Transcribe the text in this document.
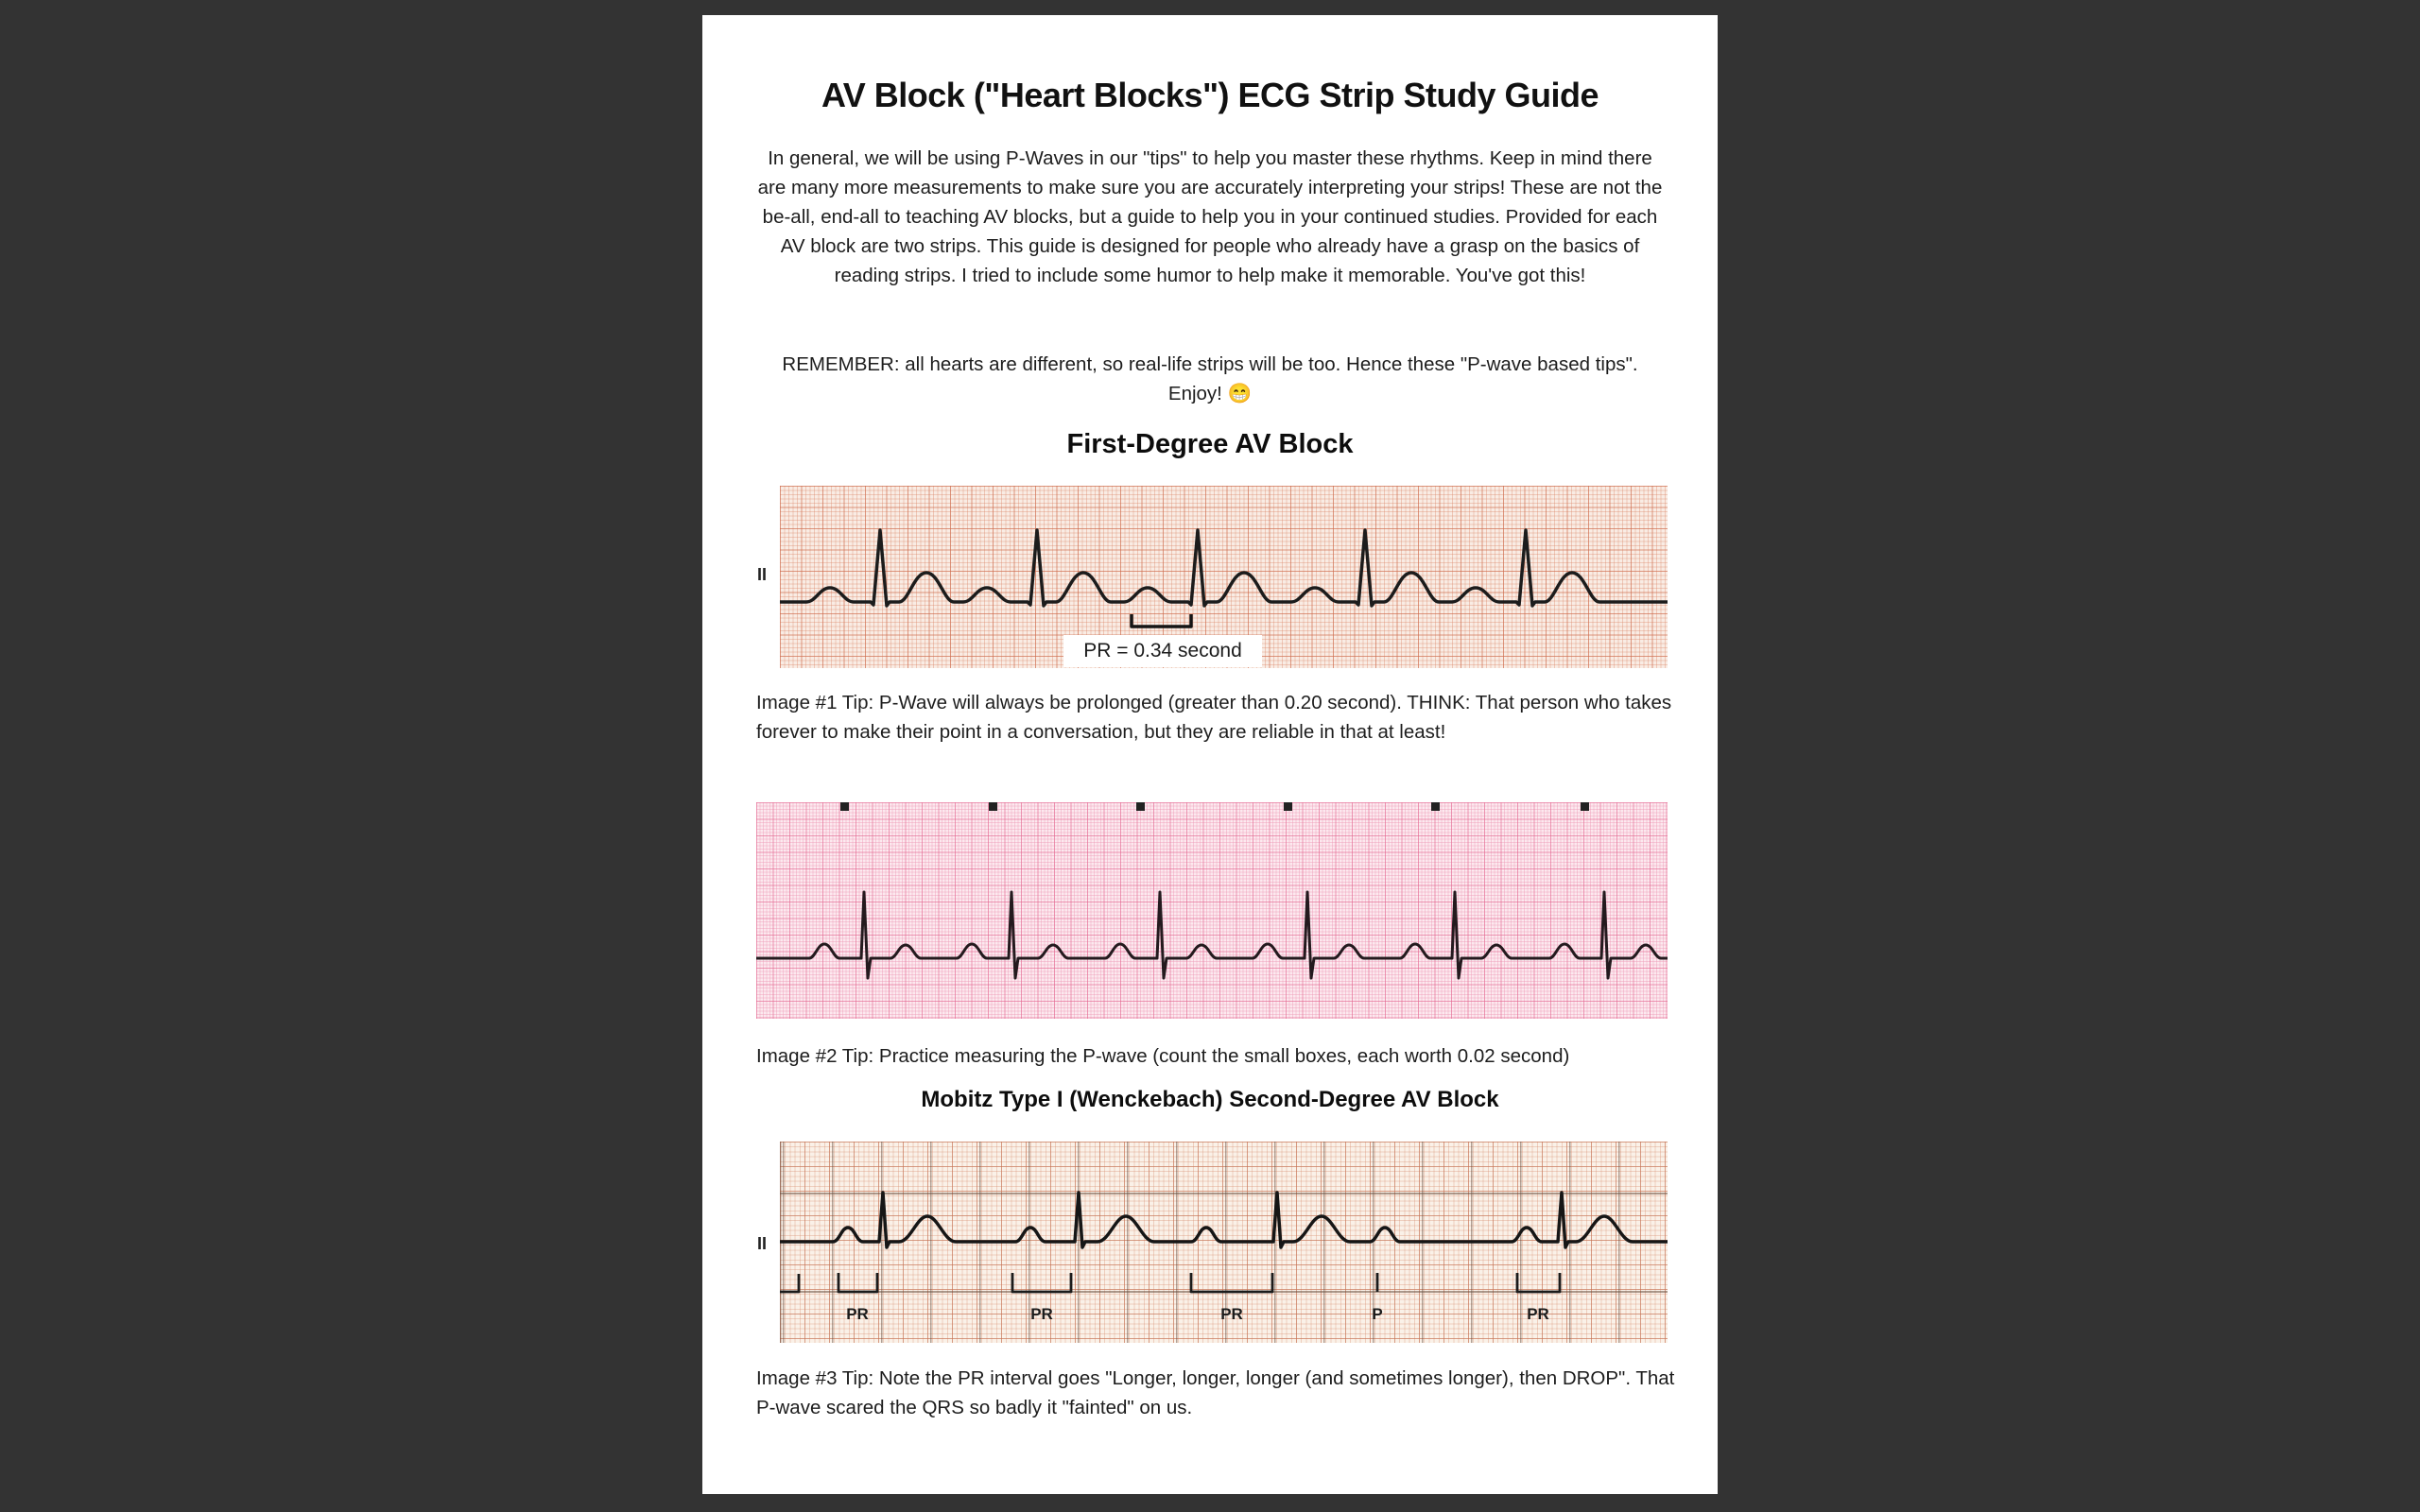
AV Block ("Heart Blocks") ECG Strip Study Guide
In general, we will be using P-Waves in our "tips" to help you master these rhythms. Keep in mind there are many more measurements to make sure you are accurately interpreting your strips! These are not the be-all, end-all to teaching AV blocks, but a guide to help you in your continued studies. Provided for each AV block are two strips. This guide is designed for people who already have a grasp on the basics of reading strips. I tried to include some humor to help make it memorable. You've got this!
REMEMBER: all hearts are different, so real-life strips will be too. Hence these "P-wave based tips". Enjoy! 😁
First-Degree AV Block
II
PR = 0.34 second
Image #1 Tip: P-Wave will always be prolonged (greater than 0.20 second). THINK: That person who takes forever to make their point in a conversation, but they are reliable in that at least!
Image #2 Tip: Practice measuring the P-wave (count the small boxes, each worth 0.02 second)
Mobitz Type I (Wenckebach) Second-Degree AV Block
II
PR	PR	PR	P	PR
Image #3 Tip: Note the PR interval goes "Longer, longer, longer (and sometimes longer), then DROP". That P-wave scared the QRS so badly it "fainted" on us.
